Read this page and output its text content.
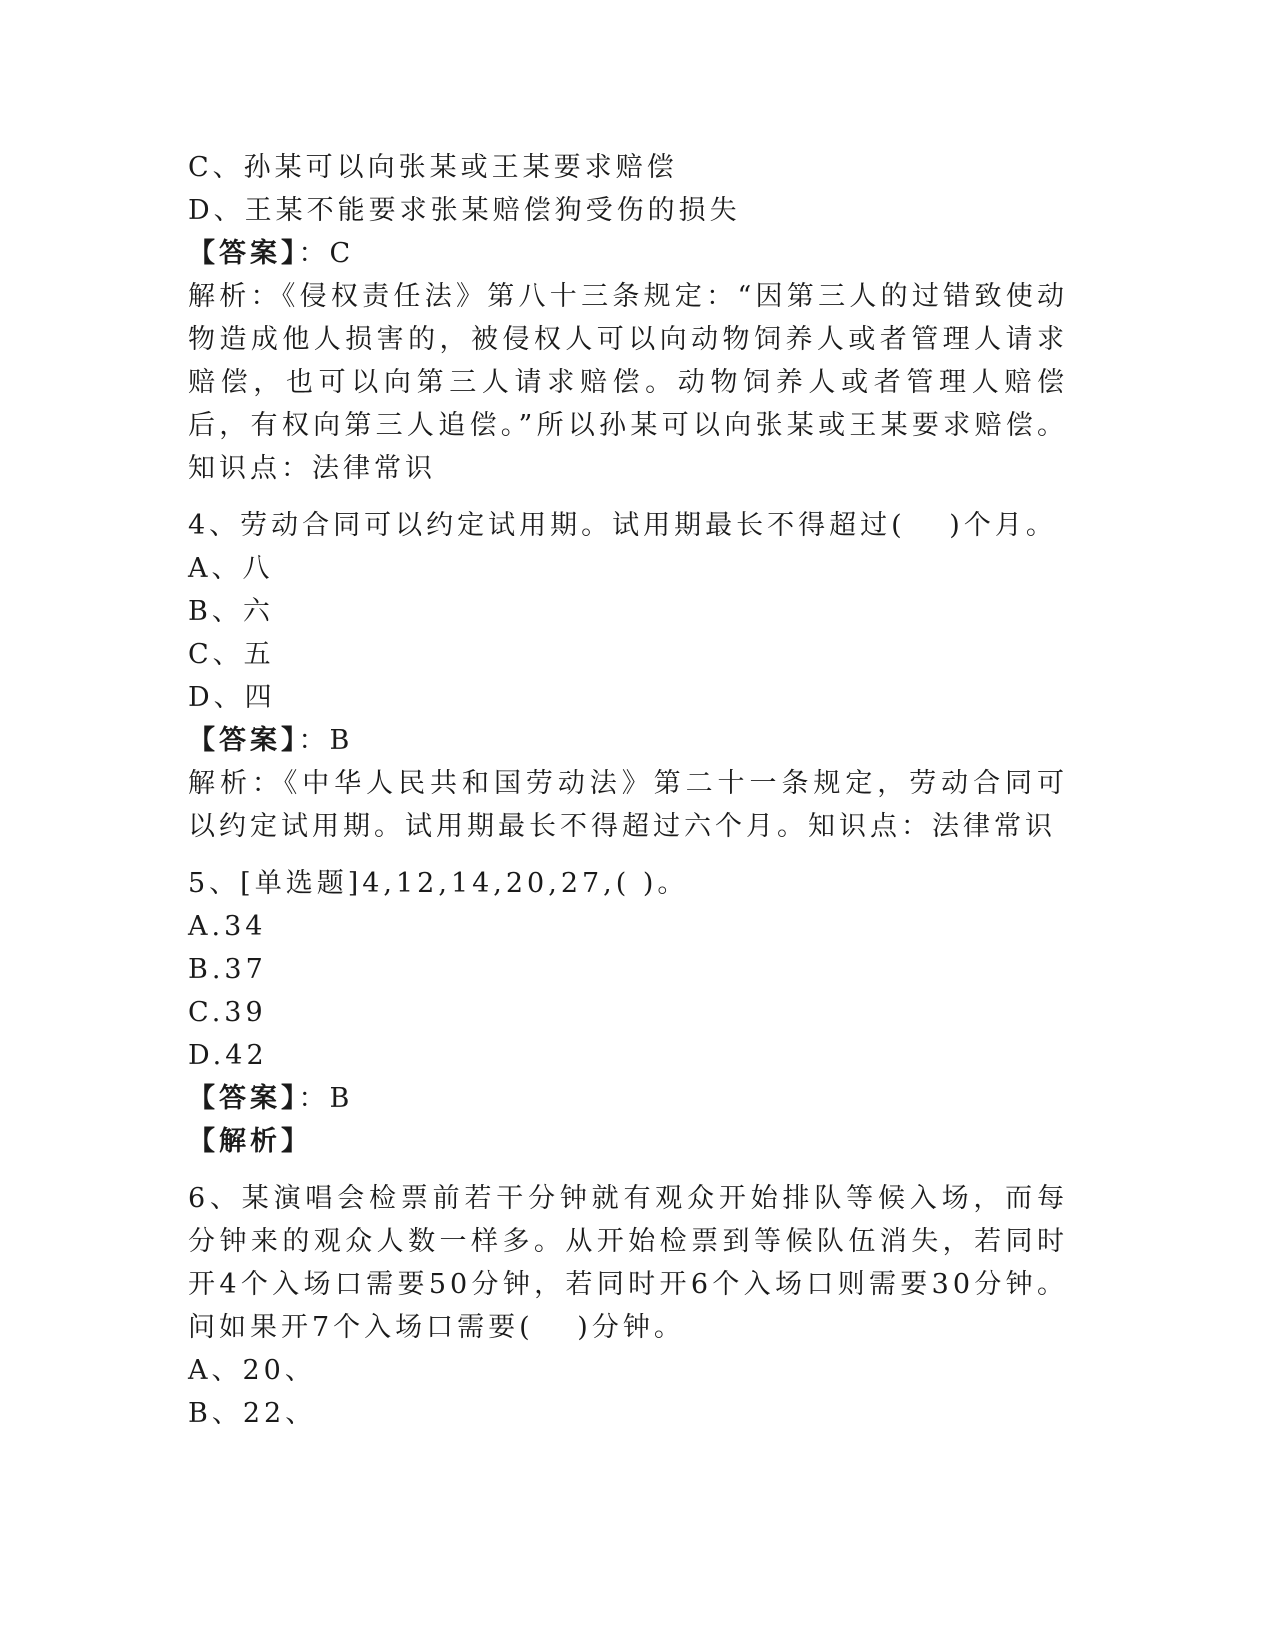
C、孙某可以向张某或王某要求赔偿
D、王某不能要求张某赔偿狗受伤的损失
【答案】：C
解析：《侵权责任法》第八十三条规定：“因第三人的过错致使动物造成他人损害的，被侵权人可以向动物饲养人或者管理人请求赔偿，也可以向第三人请求赔偿。动物饲养人或者管理人赔偿后，有权向第三人追偿。”所以孙某可以向张某或王某要求赔偿。知识点：法律常识
4、劳动合同可以约定试用期。试用期最长不得超过(　 )个月。
A、八
B、六
C、五
D、四
【答案】：B
解析：《中华人民共和国劳动法》第二十一条规定，劳动合同可以约定试用期。试用期最长不得超过六个月。知识点：法律常识
5、[单选题]4,12,14,20,27,( )。
A.34
B.37
C.39
D.42
【答案】：B
【解析】
6、某演唱会检票前若干分钟就有观众开始排队等候入场，而每分钟来的观众人数一样多。从开始检票到等候队伍消失，若同时开4个入场口需要50分钟，若同时开6个入场口则需要30分钟。问如果开7个入场口需要(　 )分钟。
A、20、
B、22、
